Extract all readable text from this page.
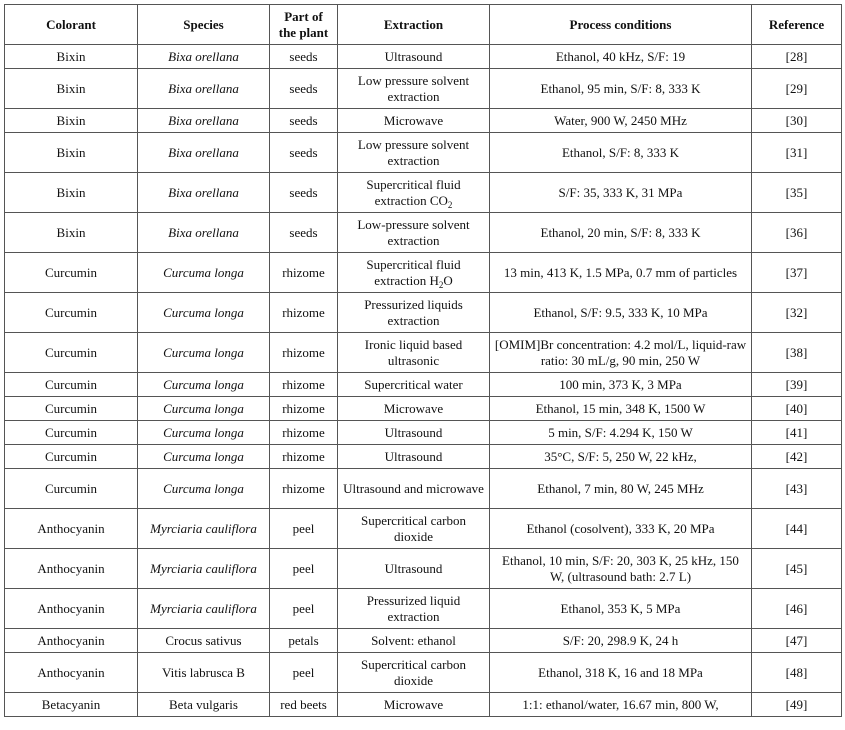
Colorant	Species	Part of the plant	Extraction	Process conditions	Reference
Bixin	Bixa orellana	seeds	Ultrasound	Ethanol, 40 kHz, S/F: 19	[28]
Bixin	Bixa orellana	seeds	Low pressure solvent extraction	Ethanol, 95 min, S/F: 8, 333 K	[29]
Bixin	Bixa orellana	seeds	Microwave	Water, 900 W, 2450 MHz	[30]
Bixin	Bixa orellana	seeds	Low pressure solvent extraction	Ethanol, S/F: 8, 333 K	[31]
Bixin	Bixa orellana	seeds	Supercritical fluid extraction $CO_2$	S/F: 35, 333 K, 31 MPa	[35]
Bixin	Bixa orellana	seeds	Low-pressure solvent extraction	Ethanol, 20 min, S/F: 8, 333 K	[36]
Curcumin	Curcuma longa	rhizome	Supercritical fluid extraction $H_2O$	13 min, 413 K, 1.5 MPa, 0.7 mm of particles	[37]
Curcumin	Curcuma longa	rhizome	Pressurized liquids extraction	Ethanol, S/F: 9.5, 333 K, 10 MPa	[32]
Curcumin	Curcuma longa	rhizome	Ironic liquid based ultrasonic	[OMIM]Br concentration: 4.2 mol/L, liquid-raw ratio: 30 mL/g, 90 min, 250 W	[38]
Curcumin	Curcuma longa	rhizome	Supercritical water	100 min, 373 K, 3 MPa	[39]
Curcumin	Curcuma longa	rhizome	Microwave	Ethanol, 15 min, 348 K, 1500 W	[40]
Curcumin	Curcuma longa	rhizome	Ultrasound	5 min, S/F: 4.294 K, 150 W	[41]
Curcumin	Curcuma longa	rhizome	Ultrasound	35°C, S/F: 5, 250 W, 22 kHz,	[42]
Curcumin	Curcuma longa	rhizome	Ultrasound and microwave	Ethanol, 7 min, 80 W, 245 MHz	[43]
Anthocyanin	Myrciaria cauliflora	peel	Supercritical carbon dioxide	Ethanol (cosolvent), 333 K, 20 MPa	[44]
Anthocyanin	Myrciaria cauliflora	peel	Ultrasound	Ethanol, 10 min, S/F: 20, 303 K, 25 kHz, 150 W, (ultrasound bath: 2.7 L)	[45]
Anthocyanin	Myrciaria cauliflora	peel	Pressurized liquid extraction	Ethanol, 353 K, 5 MPa	[46]
Anthocyanin	Crocus sativus	petals	Solvent: ethanol	S/F: 20, 298.9 K, 24 h	[47]
Anthocyanin	Vitis labrusca B	peel	Supercritical carbon dioxide	Ethanol, 318 K, 16 and 18 MPa	[48]
Betacyanin	Beta vulgaris	red beets	Microwave	1:1: ethanol/water, 16.67 min, 800 W,	[49]
